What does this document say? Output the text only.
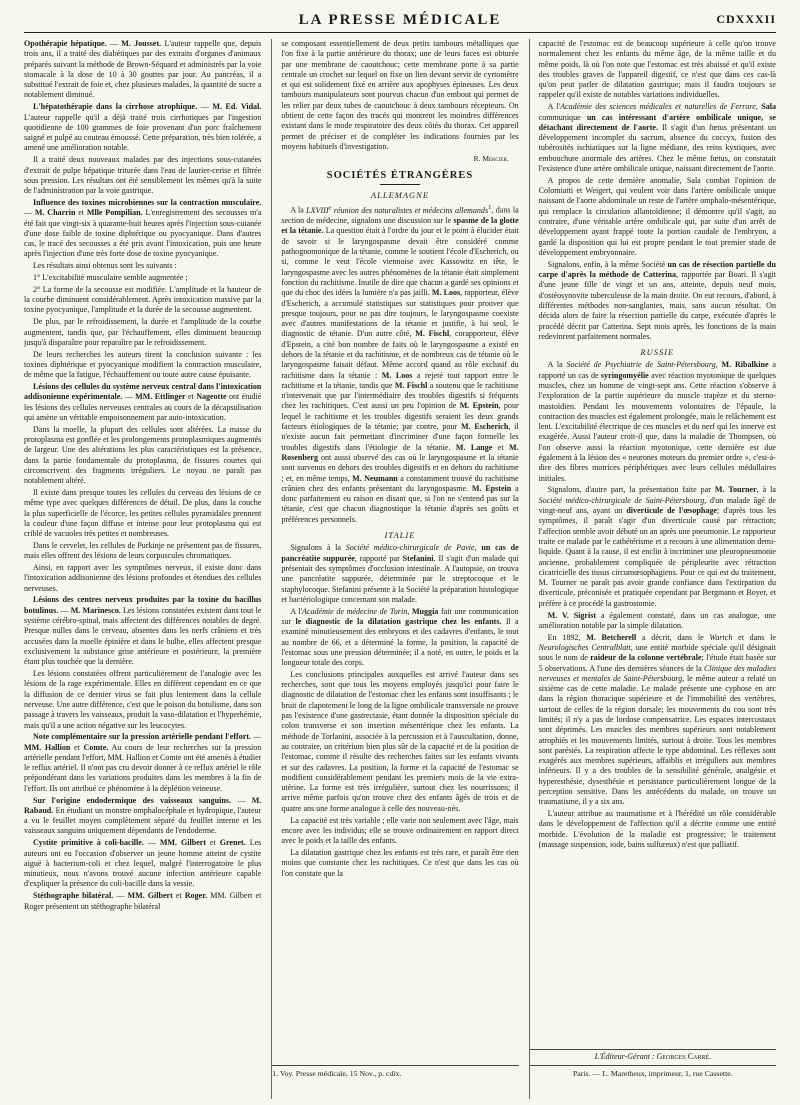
LA PRESSE MÉDICALE	CDXXXII

Opothérapie hépatique. — M. Jousset. L'auteur rappelle que, depuis trois ans, il a traité des diabétiques par des extraits d'organes d'animaux préparés suivant la méthode de Brown-Séquard et administrés par la voie stomacale à la dose de 10 à 30 gouttes par jour. Au pancréas, il a substitué l'extrait de foie et, chez plusieurs malades, la quantité de sucre a notablement diminué.

L'hépatothérapie dans la cirrhose atrophique. — M. Ed. Vidal. L'auteur rappelle qu'il a déjà traité trois cirrhotiques par l'ingestion quotidienne de 100 grammes de foie provenant d'un porc fraîchement saigné et pulpé au couteau émoussé. Cette préparation, très bien tolérée, a amené une amélioration notable.

Il a traité deux nouveaux malades par des injections sous-cutanées d'extrait de pulpe hépatique triturée dans l'eau de laurier-cerise et filtrée sous pression. Les résultats ont été sensiblement les mêmes qu'à la suite de l'administration par la voie gastrique.

Influence des toxines microbiennes sur la contraction musculaire. — M. Charrin et Mlle Pompilian. L'enregistrement des secousses m'a été fait que vingt-six à quarante-huit heures après l'injection sous-cutanée d'une dose faible de toxine diphtérique ou pyocyanique. Dans d'autres cas, le tracé des secousses a été pris avant l'intoxication, puis une heure après l'injection d'une très forte dose de toxine pyocyanique.

Les résultats ainsi obtenus sont les suivants :

1° L'excitabilité musculaire semble augmentée ;

2° La forme de la secousse est modifiée. L'amplitude et la hauteur de la courbe diminuent considérablement. Après intoxication massive par la toxine pyocyanique, l'amplitude et la durée de la secousse augmentent.

De plus, par le refroidissement, la durée et l'amplitude de la courbe augmentent, tandis que, par l'échauffement, elles diminuent beaucoup jusqu'à disparaître pour reparaître par le refroidissement.

De leurs recherches les auteurs tirent la conclusion suivante : les toxines diphtérique et pyocyanique modifient la contraction musculaire, de même que la fatigue, l'échauffement ou toute autre cause épuisante.

Lésions des cellules du système nerveux central dans l'intoxication addisonienne expérimentale. — MM. Ettlinger et Nageotte ont étudié les lésions des cellules nerveuses centrales au cours de la décapsulisation qui amène un véritable empoisonnement par auto-intoxication.

Dans la moelle, la plupart des cellules sont altérées. La masse du protoplasma est gonflée et les prolongements protoplasmiques augmentés de largeur. Une des altérations les plus caractéristiques est la présence, dans la partie fondamentale du protoplasma, de fissures courtes qui circonscrivent des fragments irréguliers. Le noyau ne paraît pas notablement altéré.

Il existe dans presque toutes les cellules du cerveau des lésions de ce même type avec quelques différences de détail. De plus, dans la couche la plus superficielle de l'écorce, les petites cellules pyramidales prennent la couleur d'une façon diffuse et intense pour leur protoplasma qui est criblé de vacuoles très petites et nombreuses.

Dans le cervelet, les cellules de Purkinje ne présentent pas de fissures, mais elles offrent des lésions de leurs corpuscules chromatiques.

Ainsi, en rapport avec les symptômes nerveux, il existe donc dans l'intoxication addisonienne des lésions profondes et étendues des cellules nerveuses.

Lésions des centres nerveux produites par la toxine du bacillus botulinus. — M. Marinesco. Les lésions constatées existent dans tout le système cérébro-spinal, mais affectent des différences notables de degré. Presque nulles dans le cerveau, absentes dans les nerfs crâniens et très accusées dans la moelle épinière et dans le bulbe, elles affectent presque exclusivement la substance grise antérieure et postérieure, la première étant plus touchée que la dernière.

Les lésions constatées offrent particulièrement de l'analogie avec les lésions de la rage expérimentale. Elles en diffèrent cependant en ce que la diffusion de ce dernier virus se fait plus lentement dans la cellule nerveuse. Une autre différence, c'est que le poison du botulisme, dans son passage à travers les vaisseaux, produit la vaso-dilatation et l'hyperhémie, mais qu'il a une action négative sur les leucocytes.

Note complémentaire sur la pression artérielle pendant l'effort. — MM. Hallion et Comte. Au cours de leur recherches sur la pression artérielle pendant l'effort, MM. Hallion et Comte ont été amenés à étudier le reflux artériel. Il n'ont pas cru devoir donner à ce reflux artériel le rôle prépondérant dans les variations produites dans les membres à la fin de l'effort. Ils ont attribué ce phénomène à la déplétion veineuse.

Sur l'origine endodermique des vaisseaux sanguins. — M. Rabaud. En étudiant un monstre omphalocéphale et hydropique, l'auteur a vu le feuillet moyen complètement séparé du feuillet interne et les vaisseaux sanguins uniquement dépendants de l'endoderme.

Cystite primitive à coli-bacille. — MM. Gilbert et Grenet. Les auteurs ont eu l'occasion d'observer un jeune homme atteint de cystite aiguë à bacterium-coli et chez lequel, malgré l'interrogatoire le plus minutieux, nous n'avons trouvé aucune infection antérieure capable d'expliquer la présence du coli-bacille dans la vessie.

Stéthographe bilatéral. — MM. Gilbert et Roger. MM. Gilbert et Roger présentent un stéthographe bilatéral

se composant essentiellement de deux petits tambours métalliques que l'on fixe à la partie antérieure du thorax; une de leurs faces est obturée par une membrane de caoutchouc; cette membrane porte à sa partie centrale un crochet sur lequel on fixe un lien devant servir de cyrtomètre et qui est solidement fixé en arrière aux apophyses épineuses. Les deux tambours manipulateurs sont pourvus chacun d'un embout qui permet de les relier par deux tubes de caoutchouc à deux tambours récepteurs. On obtient de cette façon des tracés qui montrent les moindres différences existant dans le mode respiratoire des deux côtés du thorax. Cet appareil permet de préciser et de compléter les indications fournies par les moyens habituels d'investigation.

R. Mercier.
SOCIÉTÉS ÉTRANGÈRES
ALLEMAGNE

A la LXVIIIe réunion des naturalistes et médecins allemands$^1$, dans la section de médecine, signalons une discussion sur le spasme de la glotte et la tétanie. La question était à l'ordre du jour et le point à élucider était de savoir si le laryngospasme devait être considéré comme pathognomonique de la tétanie, comme le soutient l'école d'Escherich, ou si, comme le veut l'école viennoise avec Kassowitz en tête, le laryngospasme avec les autres phénomènes de la tétanie était simplement fonction du rachitisme. Inutile de dire que chacun a gardé ses opinions et que du choc des idées la lumière n'a pas jailli. M. Loos, rapporteur, élève d'Escherich, a accumulé statistiques sur statistiques pour prouver que presque toujours, pour ne pas dire toujours, le laryngospasme coexiste avec d'autres manifestations de la tétanie et justifie, à lui seul, le diagnostic de tétanie. D'un autre côté, M. Fischl, corapporteur, élève d'Epstein, a cité bon nombre de faits où le laryngospasme a existé en dehors de la tétanie et du rachitisme, et de nombreux cas de tétanie où le laryngospasme faisait défaut. Même accord quand au rôle exclusif du rachitisme dans la tétanie : M. Loos a rejeté tout rapport entre le rachitisme et la tétanie, tandis que M. Fischl a soutenu que le rachitisme n'intervenait que par l'intermédiaire des troubles digestifs si fréquents chez les rachitiques. C'est aussi un peu l'opinion de M. Epstein, pour lequel le rachitisme et les troubles digestifs seraient les deux grands facteurs étiologiques de la tétanie; par contre, pour M. Escherich, il n'existe aucun fait permettant d'incriminer d'une façon formelle les troubles digestifs dans l'étiologie de la tétanie. M. Lange et M. Rosenberg ont aussi observé des cas où le laryngospasme et la tétanie sont survenus en dehors des troubles digestifs et en dehors du rachitisme ; et, en même temps, M. Neumann a constamment trouvé du rachitisme crânien chez des enfants présentant du laryngospasme. M. Epstein a donc parfaitement eu raison en disant que, si l'on ne s'entend pas sur la tétanie, c'est que chacun diagnostique la tétanie d'après ses goûts et préférences personnels.

ITALIE

Signalons à la Société médico-chirurgicale de Pavie, un cas de pancréatite suppurée, rapporté par Stefanini. Il s'agit d'un malade qui présentait des symptômes d'occlusion intestinale. A l'autopsie, on trouva une pancréatite suppurée, déterminée par le streptocoque et le staphylocoque. Stefanini présente à la Société la préparation histologique et bactériologique concernant son malade.

A l'Académie de médecine de Turin, Muggia fait une communication sur le diagnostic de la dilatation gastrique chez les enfants. Il a examiné minutieusement des embryons et des cadavres d'enfants, le tout au nombre de 66, et a déterminé la forme, la position, la capacité de l'estomac sous une pression déterminée; il a noté, en outre, le poids et la longueur totale des corps.

Les conclusions principales auxquelles est arrivé l'auteur dans ses recherches, sont que tous les moyens employés jusqu'ici pour faire le diagnostic de dilatation de l'estomac chez les enfants sont insuffisants ; le bruit de clapotement le long de la ligne ombilicale transversale ne prouve pas l'existence d'une gastrectasie, étant donnée la disposition spéciale du colon transverse et son insertion mésentérique chez les enfants. La méthode de Torlanini, associée à la percussion et à l'auscultation, donne, au contraire, un critérium bien plus sûr de la capacité et de la position de l'estomac, comme il résulte des recherches faites sur les enfants vivants et sur des cadavres. La position, la forme et la capacité de l'estomac se modifient considérablement pendant les premiers mois de la vie extra-utérine. La forme est très irrégulière, surtout chez les nourrissons; il arrive même parfois qu'on trouve chez des enfants âgés de trois et de quatre ans une forme analogue à celle des nouveau-nés.

La capacité est très variable ; elle varie non seulement avec l'âge, mais encore avec les individus; elle se trouve ordinairement en rapport direct avec le poids et la taille des enfants.

La dilatation gastrique chez les enfants est très rare, et paraît être rien moins que constante chez les rachitiques. Ce n'est que dans les cas où l'on constate que la

1. Voy. Presse médicale, 15 Nov., p. cdix.

capacité de l'estomac est de beaucoup supérieure à celle qu'on trouve normalement chez les enfants du même âge, de la même taille et du même poids, là où l'on note que l'estomac est très abaissé et qu'il existe des troubles graves de l'appareil digestif, ce n'est que dans ces cas-là qu'on peut parler de dilatation gastrique; mais il faudra toujours se rappeler qu'il existe de notables variations individuelles.

A l'Académie des sciences médicales et naturelles de Ferrare, Sala communique un cas intéressant d'artère ombilicale unique, se détachant directement de l'aorte. Il s'agit d'un fœtus présentant un développement incomplet du sacrum, absence du coccyx, fusion des tubérosités ischiatiques sur la ligne médiane, des reins kystiques, avec embouchure anormale des artères. Chez le même fœtus, on constatait l'existence d'une artère ombilicale unique, naissant directement de l'aorte.

A propos de cette dernière anomalie, Sala combat l'opinion de Colomiatti et Weigert, qui veulent voir dans l'artère ombilicale unique naissant de l'aorte abdominale un reste de l'artère omphalo-mésentérique, qui remplace la circulation allantoïdienne; il démontre qu'il s'agit, au contraire, d'une véritable artère ombilicale qui, par suite d'un arrêt de développement ayant frappé toute la portion caudale de l'embryon, a gardé la disposition qui lui est propre pendant le tout premier stade de développement embryonnaire.

Signalons, enfin, à la même Société un cas de résection partielle du carpe d'après la méthode de Catterina, rapportée par Boari. Il s'agit d'une jeune fille de vingt et un ans, atteinte, depuis neuf mois, d'ostéosynovite tuberculeuse de la main droite. On eut recours, d'abord, à différentes méthodes non-sanglantes, mais, sans aucun résultat. On décida alors de faire la résection partielle du carpe, exécutée d'après le procédé décrit par Catterina. Sept mois après, les fonctions de la main redevinrent parfaitement normales.

RUSSIE

A la Société de Psychiatrie de Saint-Pétersbourg, M. Ribalkine a rapporté un cas de syringomyélie avec réaction myotonique de quelques muscles, chez un homme de vingt-sept ans. Cette réaction s'observe à l'exploration de la partie supérieure du muscle trapèze et du sterno-mastoïdien. Pendant les mouvements volontaires de l'épaule, la contraction des muscles est également prolongée, mais le relâchement est lent. L'excitabilité électrique de ces muscles et du nerf qui les innerve est exagérée. Aussi l'auteur croit-il que, dans la maladie de Thompsen, où l'on observe aussi la réaction myotonique, cette dernière est due également à la lésion des « neurones moteurs du premier ordre », c'est-à-dire des fibres motrices périphériques avec leurs cellules médullaires initiales.

Signalons, d'autre part, la présentation faite par M. Tourner, à la Société médico-chirurgicale de Saint-Pétersbourg, d'un malade âgé de vingt-neuf ans, ayant un diverticule de l'œsophage; d'après tous les symptômes, il paraît s'agir d'un diverticule causé par rétraction; l'affection semble avoir débuté un an après une pneumonie. Le rapporteur traite ce malade par le cathétérisme et a recours à une alimentation demi-liquide. Quant à la cause, il est enclin à incriminer une pleuropneumonie ancienne, probablement compliquée de péripleurite avec rétraction cicatricielle des tissus circumœsophagiens. Pour ce qui est du traitement, M. Tourner ne paraît pas avoir grande confiance dans l'extirpation du diverticule, préconisée et pratiquée cependant par Bergmann et Boyer, et préfère à ce procédé la gastrostomie.

M. V. Sigrist a également constaté, dans un cas analogue, une amélioration notable par la simple dilatation.

En 1892, M. Betcherell a décrit, dans le Wartch et dans le Neurologisches Centralblatt, une entité morbide spéciale qu'il désignait sous le nom de raideur de la colonne vertébrale; l'étude était basée sur 5 observations. A l'une des dernières séances de la Clinique des maladies nerveuses et mentales de Saint-Pétersbourg, le même auteur a relaté un sixième cas de cette maladie. Le malade présente une cyphose en arc dans la région thoracique supérieure et de l'immobilité des vertèbres, surtout de celles de la région dorsale; les mouvements du cou sont très limités; il n'y a pas de lordose compensatrice. Les espaces intercostaux sont déprimés. Les muscles des membres supérieurs sont notablement atrophiés et les mouvements limités, surtout à droite. Tous les membres sont parésiés. La respiration affecte le type abdominal. Les réflexes sont exagérés aux membres supérieurs, affaiblis et irréguliers aux membres inférieurs. Il y a des troubles de la sensibilité générale, analgésie et hyperesthésie, dysesthésie et persistance particulièrement longue de la perception sensitive. Dans les antécédents du malade, on trouve un traumatisme, il y a six ans.

L'auteur attribue au traumatisme et à l'hérédité un rôle considérable dans le développement de l'affection qu'il a décrite comme une entité morbide. L'évolution de la maladie est progressive; le traitement (massage suspension, iode, bains sulfureux) n'est que palliatif.

L'Éditeur-Gérant : Georges Carré.
Paris. — L. Maretheux, imprimeur, 1, rue Cassette.
